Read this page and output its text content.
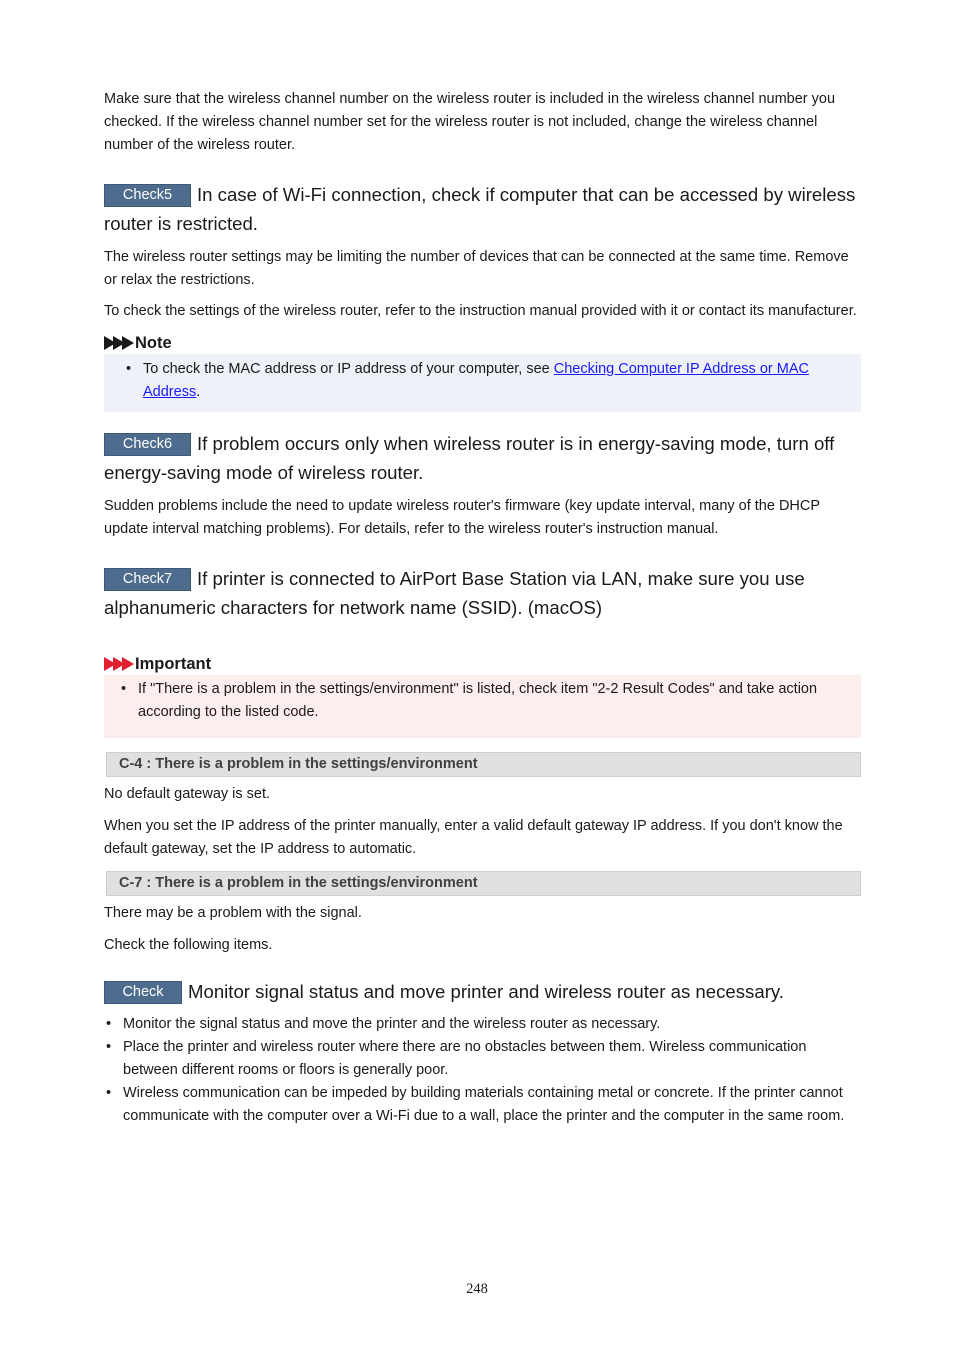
Make sure that the wireless channel number on the wireless router is included in the wireless channel number you checked. If the wireless channel number set for the wireless router is not included, change the wireless channel number of the wireless router.

Check5 In case of Wi-Fi connection, check if computer that can be accessed by wireless router is restricted.

The wireless router settings may be limiting the number of devices that can be connected at the same time. Remove or relax the restrictions.

To check the settings of the wireless router, refer to the instruction manual provided with it or contact its manufacturer.

Note
• To check the MAC address or IP address of your computer, see Checking Computer IP Address or MAC Address.
Check6 If problem occurs only when wireless router is in energy-saving mode, turn off energy-saving mode of wireless router.

Sudden problems include the need to update wireless router's firmware (key update interval, many of the DHCP update interval matching problems). For details, refer to the wireless router's instruction manual.

Check7 If printer is connected to AirPort Base Station via LAN, make sure you use alphanumeric characters for network name (SSID). (macOS)
Important
• If "There is a problem in the settings/environment" is listed, check item "2-2 Result Codes" and take action according to the listed code.
C-4 : There is a problem in the settings/environment

No default gateway is set.

When you set the IP address of the printer manually, enter a valid default gateway IP address. If you don't know the default gateway, set the IP address to automatic.

C-7 : There is a problem in the settings/environment

There may be a problem with the signal.

Check the following items.

Check Monitor signal status and move printer and wireless router as necessary.
• Monitor the signal status and move the printer and the wireless router as necessary.
• Place the printer and wireless router where there are no obstacles between them. Wireless communication between different rooms or floors is generally poor.
• Wireless communication can be impeded by building materials containing metal or concrete. If the printer cannot communicate with the computer over a Wi-Fi due to a wall, place the printer and the computer in the same room.
248
